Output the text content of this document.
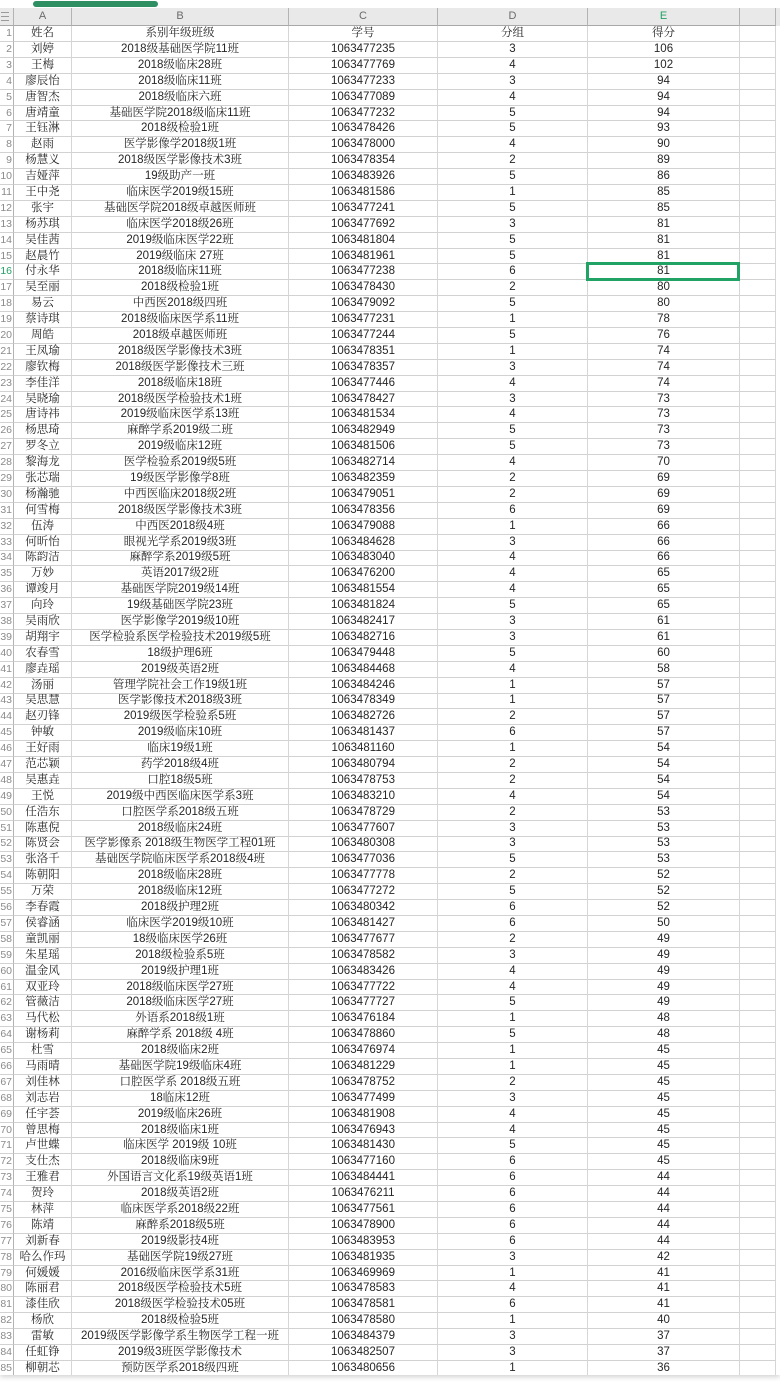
A	B	C	D	E
1	姓名	系别年级班级	学号	分组	得分
2	刘婷	2018级基础医学院11班	1063477235	3	106
3	王梅	2018级临床28班	1063477769	4	102
4	廖辰怡	2018级临床11班	1063477233	3	94
5	唐智杰	2018级临床六班	1063477089	4	94
6	唐靖童	基础医学院2018级临床11班	1063477232	5	94
7	王钰淋	2018级检验1班	1063478426	5	93
8	赵雨	医学影像学2018级1班	1063478000	4	90
9	杨慧义	2018级医学影像技术3班	1063478354	2	89
10	吉娅萍	19级助产一班	1063483926	5	86
11	王中尧	临床医学2019级15班	1063481586	1	85
12	张宇	基础医学院2018级卓越医师班	1063477241	5	85
13	杨苏琪	临床医学2018级26班	1063477692	3	81
14	吴佳茜	2019级临床医学22班	1063481804	5	81
15	赵晨竹	2019级临床 27班	1063481961	5	81
16	付永华	2018级临床11班	1063477238	6	81
17	吴至丽	2018级检验1班	1063478430	2	80
18	易云	中西医2018级四班	1063479092	5	80
19	蔡诗琪	2018级临床医学系11班	1063477231	1	78
20	周皓	2018级卓越医师班	1063477244	5	76
21	王凤瑜	2018级医学影像技术3班	1063478351	1	74
22	廖钦梅	2018级医学影像技术三班	1063478357	3	74
23	李佳洋	2018级临床18班	1063477446	4	74
24	吴晓瑜	2018级医学检验技术1班	1063478427	3	73
25	唐诗祎	2019级临床医学系13班	1063481534	4	73
26	杨思琦	麻醉学系2019级二班	1063482949	5	73
27	罗冬立	2019级临床12班	1063481506	5	73
28	黎海龙	医学检验系2019级5班	1063482714	4	70
29	张芯瑞	19级医学影像学8班	1063482359	2	69
30	杨瀚驰	中西医临床2018级2班	1063479051	2	69
31	何雪梅	2018级医学影像技术3班	1063478356	6	69
32	伍涛	中西医2018级4班	1063479088	1	66
33	何昕怡	眼视光学系2019级3班	1063484628	3	66
34	陈韵洁	麻醉学系2019级5班	1063483040	4	66
35	万妙	英语2017级2班	1063476200	4	65
36	谭竣月	基础医学院2019级14班	1063481554	4	65
37	向玲	19级基础医学院23班	1063481824	5	65
38	吴雨欣	医学影像学2019级10班	1063482417	3	61
39	胡翔宇	医学检验系医学检验技术2019级5班	1063482716	3	61
40	农春雪	18级护理6班	1063479448	5	60
41	廖垚瑶	2019级英语2班	1063484468	4	58
42	汤丽	管理学院社会工作19级1班	1063484246	1	57
43	吴思慧	医学影像技术2018级3班	1063478349	1	57
44	赵刃锋	2019级医学检验系5班	1063482726	2	57
45	钟敏	2019级临床10班	1063481437	6	57
46	王好雨	临床19级1班	1063481160	1	54
47	范芯颖	药学2018级4班	1063480794	2	54
48	吴惠垚	口腔18级5班	1063478753	2	54
49	王悦	2019级中西医临床医学系3班	1063483210	4	54
50	任浩东	口腔医学系2018级五班	1063478729	2	53
51	陈惠倪	2018级临床24班	1063477607	3	53
52	陈贤会	医学影像系 2018级生物医学工程01班	1063480308	3	53
53	张洛千	基础医学院临床医学系2018级4班	1063477036	5	53
54	陈朝阳	2018级临床28班	1063477778	2	52
55	万荣	2018级临床12班	1063477272	5	52
56	李春霞	2018级护理2班	1063480342	6	52
57	侯睿涵	临床医学2019级10班	1063481427	6	50
58	童凯丽	18级临床医学26班	1063477677	2	49
59	朱星瑶	2018级检验系5班	1063478582	3	49
60	温金风	2019级护理1班	1063483426	4	49
61	双亚玲	2018级临床医学27班	1063477722	4	49
62	管薇洁	2018级临床医学27班	1063477727	5	49
63	马代松	外语系2018级1班	1063476184	1	48
64	谢杨莉	麻醉学系 2018级 4班	1063478860	5	48
65	杜雪	2018级临床2班	1063476974	1	45
66	马雨晴	基础医学院19级临床4班	1063481229	1	45
67	刘佳林	口腔医学系 2018级五班	1063478752	2	45
68	刘志岩	18临床12班	1063477499	3	45
69	任宇荟	2019级临床26班	1063481908	4	45
70	曾思梅	2018级临床1班	1063476943	4	45
71	卢世蝶	临床医学 2019级 10班	1063481430	5	45
72	支仕杰	2018级临床9班	1063477160	6	45
73	王雅君	外国语言文化系19级英语1班	1063484441	6	44
74	贺玲	2018级英语2班	1063476211	6	44
75	林萍	临床医学系2018级22班	1063477561	6	44
76	陈靖	麻醉系2018级5班	1063478900	6	44
77	刘新春	2019级影技4班	1063483953	6	44
78 哈么作玛	基础医学院19级27班	1063481935	3	42
79	何媛媛	2016级临床医学系31班	1063469969	1	41
80	陈丽君	2018级医学检验技术5班	1063478583	4	41
81	漆佳欣	2018级医学检验技术05班	1063478581	6	41
82	杨欣	2018级检验5班	1063478580	1	40
83	雷敏	2019级医学影像学系生物医学工程一班	1063484379	3	37
84	任虹铮	2019级3班医学影像技术	1063482507	3	37
85	柳朝芯	预防医学系2018级四班	1063480656	1	36
